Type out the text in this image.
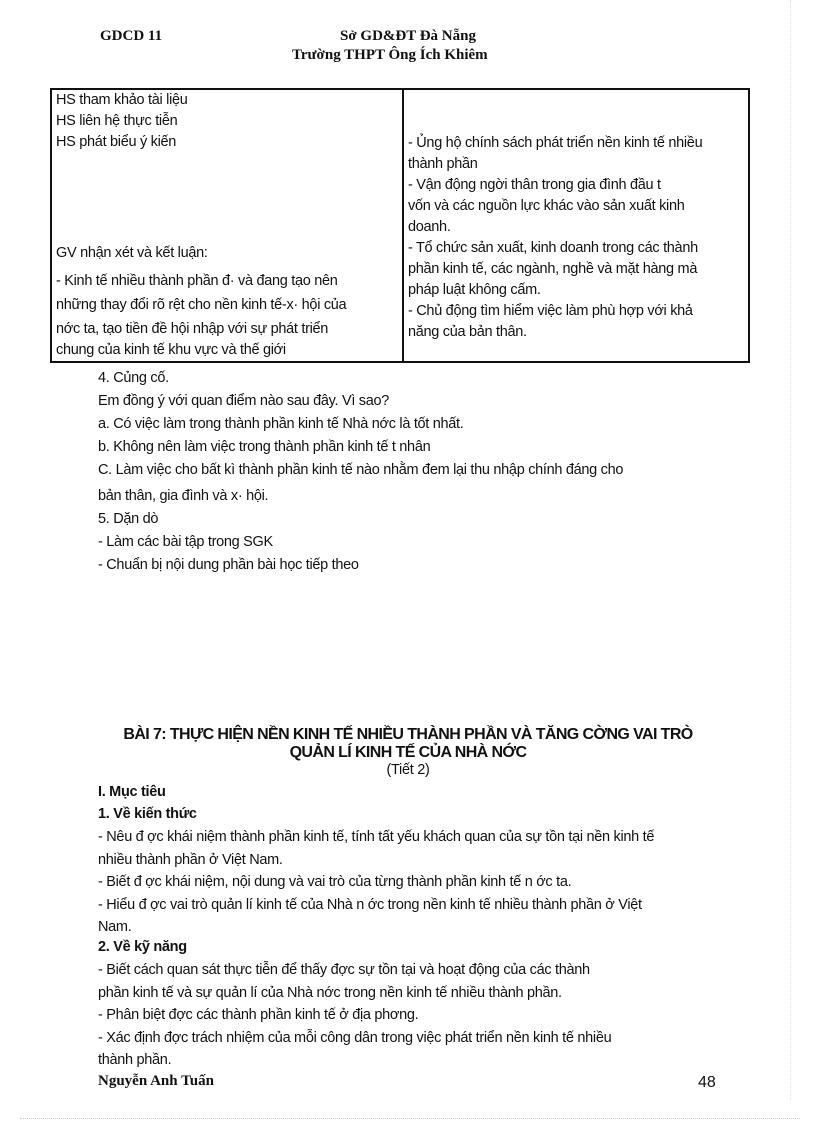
GDCD 11	Sở GD&ĐT Đà Nẵng
Trường THPT Ông Ích Khiêm
HS tham khảo tài liệu
HS liên hệ thực tiễn
HS phát biểu ý kiến
GV nhận xét và kết luận:
- Kinh tế nhiều thành phần đ· và đang tạo nên
những thay đổi rõ rệt cho nền kinh tế-x· hội của
nớc ta, tạo tiền đề hội nhập với sự phát triển
chung của kinh tế khu vực và thế giới

- Ủng hộ chính sách phát triển nền kinh tế nhiều
thành phần
- Vận động ngời thân trong gia đình đầu t
vốn và các nguồn lực khác vào sản xuất kinh
doanh.
- Tổ chức sản xuất, kinh doanh trong các thành
phần kinh tế, các ngành, nghề và mặt hàng mà
pháp luật không cấm.
- Chủ động tìm hiểm việc làm phù hợp với khả
năng của bản thân.
4. Củng cố.
Em đồng ý với quan điểm nào sau đây. Vì sao?
a. Có việc làm trong thành phần kinh tế Nhà nớc là tốt nhất.
b. Không nên làm việc trong thành phần kinh tế t nhân
C. Làm việc cho bất kì thành phần kinh tế nào nhằm đem lại thu nhập chính đáng cho
bản thân, gia đình và x· hội.
5. Dặn dò
- Làm các bài tập trong SGK
- Chuẩn bị nội dung phần bài học tiếp theo
BÀI 7: THỰC HIỆN NỀN KINH TẾ NHIỀU THÀNH PHẦN VÀ TĂNG CỜNG VAI TRÒ
QUẢN LÍ KINH TẾ CỦA NHÀ NỚC
(Tiết 2)
I. Mục tiêu
1. Về kiến thức
- Nêu đ ợc khái niệm thành phần kinh tế, tính tất yếu khách quan của sự tồn tại nền kinh tế
nhiều thành phần ở Việt Nam.
- Biết đ ợc khái niệm, nội dung và vai trò của từng thành phần kinh tế n ớc ta.
- Hiểu đ ợc vai trò quản lí kinh tế của Nhà n ớc trong nền kinh tế nhiều thành phần ở Việt
Nam.
2. Về kỹ năng
- Biết cách quan sát thực tiễn để thấy đợc sự tồn tại và hoạt động của các thành
phần kinh tế và sự quản lí của Nhà nớc trong nền kinh tế nhiều thành phần.
- Phân biệt đợc các thành phần kinh tế ở địa phơng.
- Xác định đợc trách nhiệm của mỗi công dân trong việc phát triển nền kinh tế nhiều
thành phần.
Nguyễn Anh Tuấn	48
